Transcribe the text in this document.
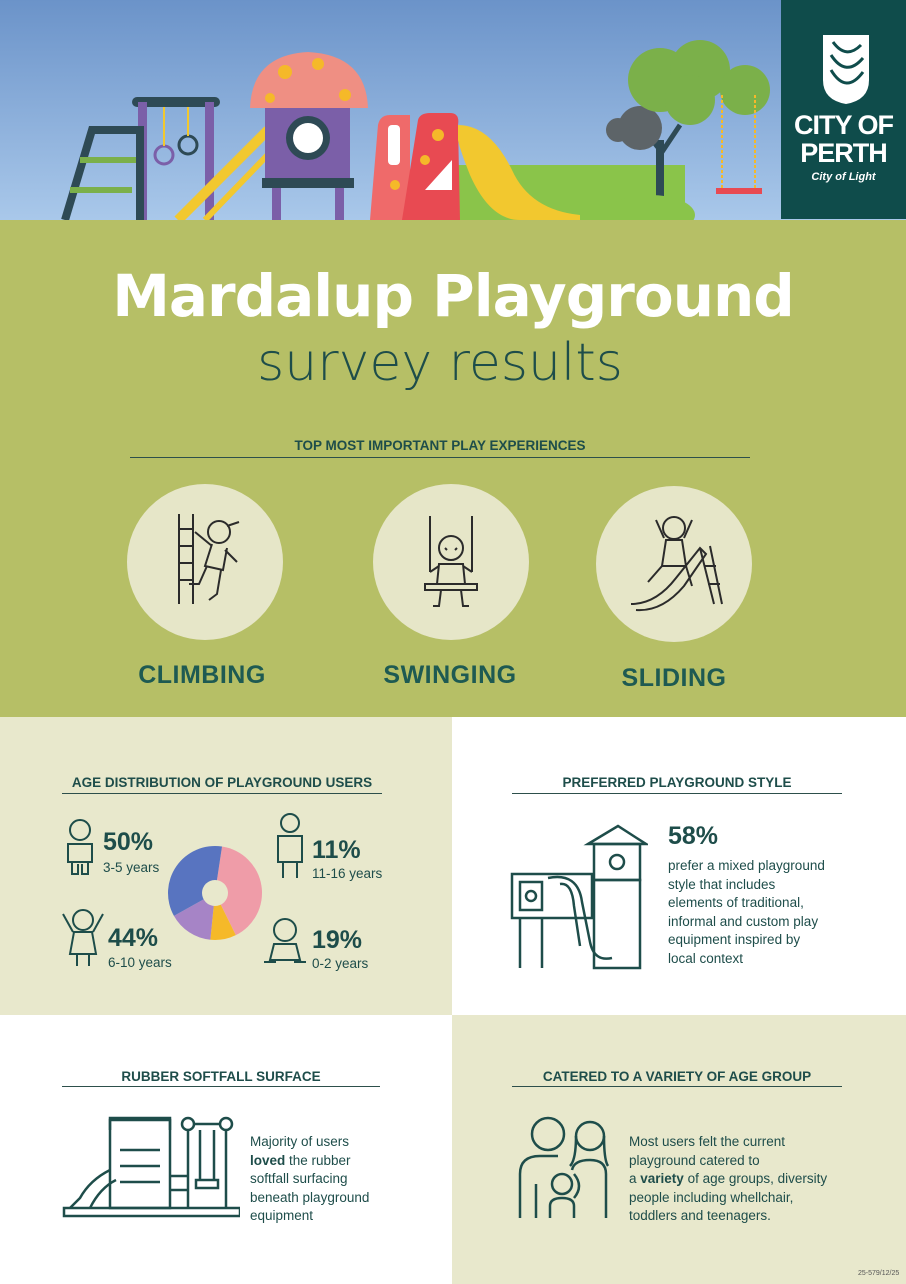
CITY OF
PERTH
City of Light
Mardalup Playground
survey results
TOP MOST IMPORTANT PLAY EXPERIENCES
CLIMBING	SWINGING	SLIDING
AGE DISTRIBUTION OF PLAYGROUND USERS
50%
3-5 years
11%
11-16 years
44%
6-10 years
19%
0-2 years
PREFERRED PLAYGROUND STYLE
58%
prefer a mixed playground
style that includes
elements of traditional,
informal and custom play
equipment inspired by
local context
RUBBER SOFTFALL SURFACE
Majority of users
loved the rubber
softfall surfacing
beneath playground
equipment
CATERED TO A VARIETY OF AGE GROUP
Most users felt the current
playground catered to
a variety of age groups, diversity
people including whellchair,
toddlers and teenagers.
25-579/12/25
